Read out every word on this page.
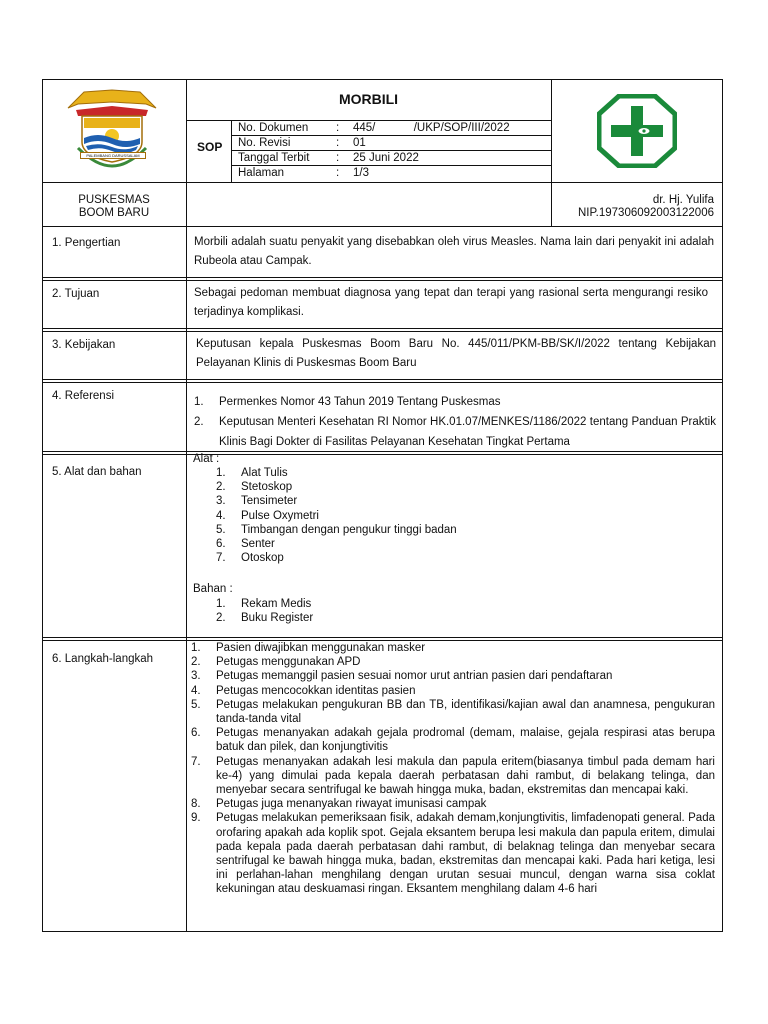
PALEMBANG DARUSSALAM
MORBILI
SOP
No. Dokumen : 445/            /UKP/SOP/III/2022
No. Revisi	: 01
Tanggal Terbit : 25 Juni 2022
Halaman	: 1/3
PUSKESMAS
BOOM BARU
dr. Hj. Yulifa
NIP.197306092003122006
1. Pengertian
2. Tujuan
3. Kebijakan
4. Referensi
5. Alat dan bahan
6. Langkah-langkah
Morbili adalah suatu penyakit yang disebabkan oleh virus Measles. Nama lain dari penyakit ini adalah Rubeola atau Campak.
Sebagai pedoman membuat diagnosa yang tepat dan terapi yang rasional serta mengurangi resiko terjadinya komplikasi.
Keputusan kepala Puskesmas Boom Baru No. 445/011/PKM-BB/SK/I/2022 tentang Kebijakan Pelayanan Klinis di Puskesmas Boom Baru
1. Permenkes Nomor 43 Tahun 2019 Tentang Puskesmas
2. Keputusan Menteri Kesehatan RI Nomor HK.01.07/MENKES/1186/2022 tentang Panduan Praktik Klinis Bagi Dokter di Fasilitas Pelayanan Kesehatan Tingkat Pertama
Alat :
1. Alat Tulis
2. Stetoskop
3. Tensimeter
4. Pulse Oxymetri
5. Timbangan dengan pengukur tinggi badan
6. Senter
7. Otoskop
Bahan :
1. Rekam Medis
2. Buku Register
1. Pasien diwajibkan menggunakan masker
2. Petugas menggunakan APD
3. Petugas memanggil pasien sesuai nomor urut antrian pasien dari pendaftaran
4. Petugas mencocokkan identitas pasien
5. Petugas melakukan pengukuran BB dan TB, identifikasi/kajian awal dan anamnesa, pengukuran tanda-tanda vital
6. Petugas menanyakan adakah gejala prodromal (demam, malaise, gejala respirasi atas berupa batuk dan pilek, dan konjungtivitis
7. Petugas menanyakan adakah lesi makula dan papula eritem(biasanya timbul pada demam hari ke-4) yang dimulai pada kepala daerah perbatasan dahi rambut, di belakang telinga, dan menyebar secara sentrifugal ke bawah hingga muka, badan, ekstremitas dan mencapai kaki.
8. Petugas juga menanyakan riwayat imunisasi campak
9. Petugas melakukan pemeriksaan fisik, adakah demam,konjungtivitis, limfadenopati general. Pada orofaring apakah ada koplik spot. Gejala eksantem berupa lesi makula dan papula eritem, dimulai pada kepala pada daerah perbatasan dahi rambut, di belaknag telinga dan menyebar secara sentrifugal ke bawah hingga muka, badan, ekstremitas dan mencapai kaki. Pada hari ketiga, lesi ini perlahan-lahan menghilang dengan urutan sesuai muncul, dengan warna sisa coklat kekuningan atau deskuamasi ringan. Eksantem menghilang dalam 4-6 hari
